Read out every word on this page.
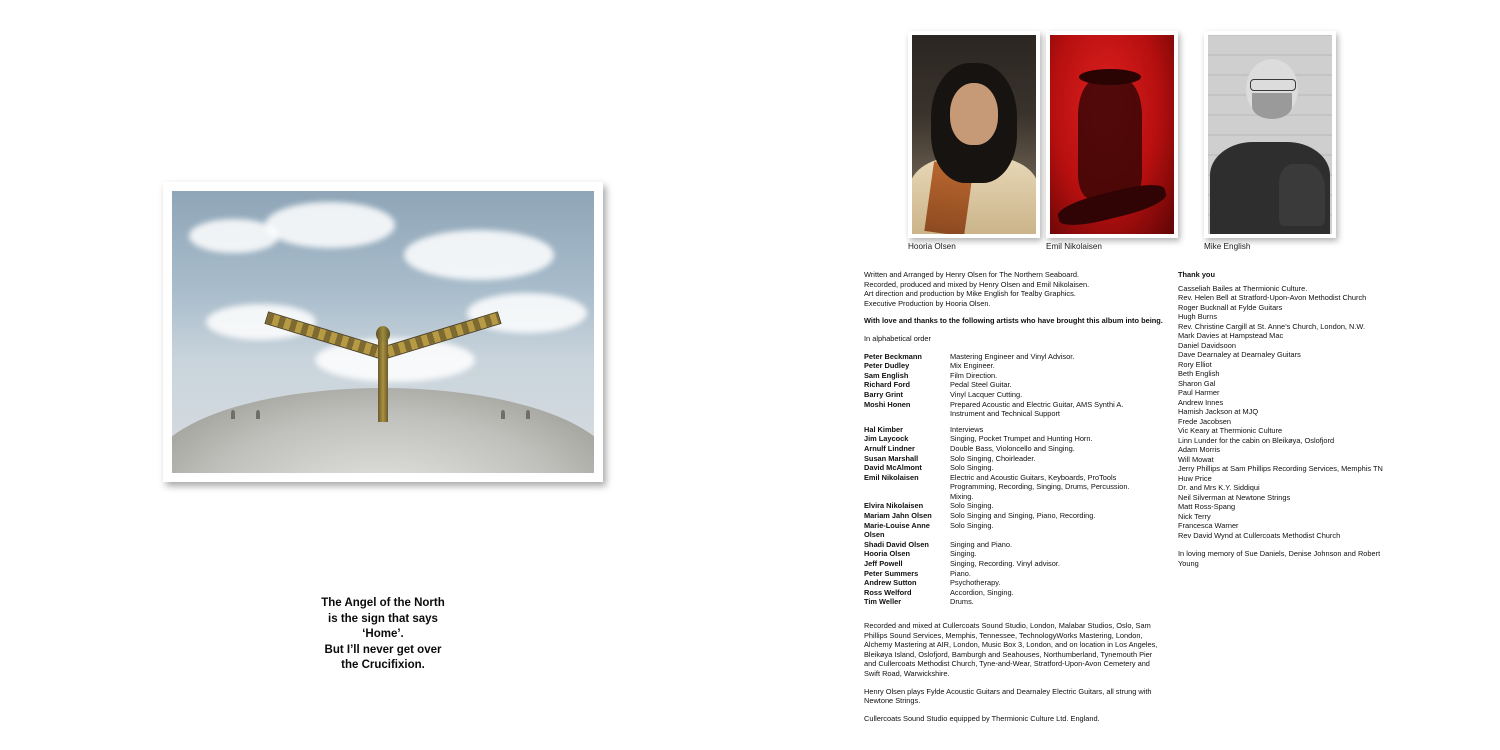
The Angel of the North
is the sign that says
‘Home’.
But I’ll never get over
the Crucifixion.
Hooria Olsen	Emil Nikolaisen	Mike English
Written and Arranged by Henry Olsen for The Northern Seaboard.
Recorded, produced and mixed by Henry Olsen and Emil Nikolaisen.
Art direction and production by Mike English for Tealby Graphics.
Executive Production by Hooria Olsen.
With love and thanks to the following artists who have brought this album into being.
In alphabetical order
Peter Beckmann	Mastering Engineer and Vinyl Advisor.
Peter Dudley	Mix Engineer.
Sam English	Film Direction.
Richard Ford	Pedal Steel Guitar.
Barry Grint	Vinyl Lacquer Cutting.
Moshi Honen	Prepared Acoustic and Electric Guitar, AMS Synthi A.
Instrument and Technical Support
Hal Kimber	Interviews
Jim Laycock	Singing, Pocket Trumpet and Hunting Horn.
Arnulf Lindner	Double Bass, Violoncello and Singing.
Susan Marshall	Solo Singing, Choirleader.
David McAlmont	Solo Singing.
Emil Nikolaisen	Electric and Acoustic Guitars, Keyboards, ProTools
Programming, Recording, Singing, Drums, Percussion.
Mixing.
Elvira Nikolaisen	Solo Singing.
Mariam Jahn Olsen	Solo Singing and Singing, Piano, Recording.
Marie-Louise Anne Olsen
Solo Singing.
Shadi David Olsen	Singing and Piano.
Hooria Olsen	Singing.
Jeff Powell	Singing, Recording. Vinyl advisor.
Peter Summers	Piano.
Andrew Sutton	Psychotherapy.
Ross Welford	Accordion, Singing.
Tim Weller	Drums.
Recorded and mixed at Cullercoats Sound Studio, London, Malabar Studios, Oslo, Sam Phillips Sound Services, Memphis, Tennessee, TechnologyWorks Mastering, London, Alchemy Mastering at AIR, London, Music Box 3, London, and on location in Los Angeles, Bleikøya Island, Oslofjord, Bamburgh and Seahouses, Northumberland, Tynemouth Pier and Cullercoats Methodist Church, Tyne-and-Wear, Stratford-Upon-Avon Cemetery and Swift Road, Warwickshire.
Henry Olsen plays Fylde Acoustic Guitars and Dearnaley Electric Guitars, all strung with Newtone Strings.
Cullercoats Sound Studio equipped by Thermionic Culture Ltd. England.
Thank you
Casseliah Bailes at Thermionic Culture.
Rev. Helen Bell at Stratford-Upon-Avon Methodist Church
Roger Bucknall at Fylde Guitars
Hugh Burns
Rev. Christine Cargill at St. Anne’s Church, London, N.W.
Mark Davies at Hampstead Mac
Daniel Davidsoon
Dave Dearnaley at Dearnaley Guitars
Rory Elliot
Beth English
Sharon Gal
Paul Harmer
Andrew Innes
Hamish Jackson at MJQ
Frede Jacobsen
Vic Keary at Thermionic Culture
Linn Lunder for the cabin on Bleikøya, Oslofjord
Adam Morris
Will Mowat
Jerry Phillips at Sam Phillips Recording Services, Memphis TN
Huw Price
Dr. and Mrs K.Y. Siddiqui
Neil Silverman at Newtone Strings
Matt Ross-Spang
Nick Terry
Francesca Warner
Rev David Wynd at Cullercoats Methodist Church
In loving memory of Sue Daniels, Denise Johnson and Robert Young
